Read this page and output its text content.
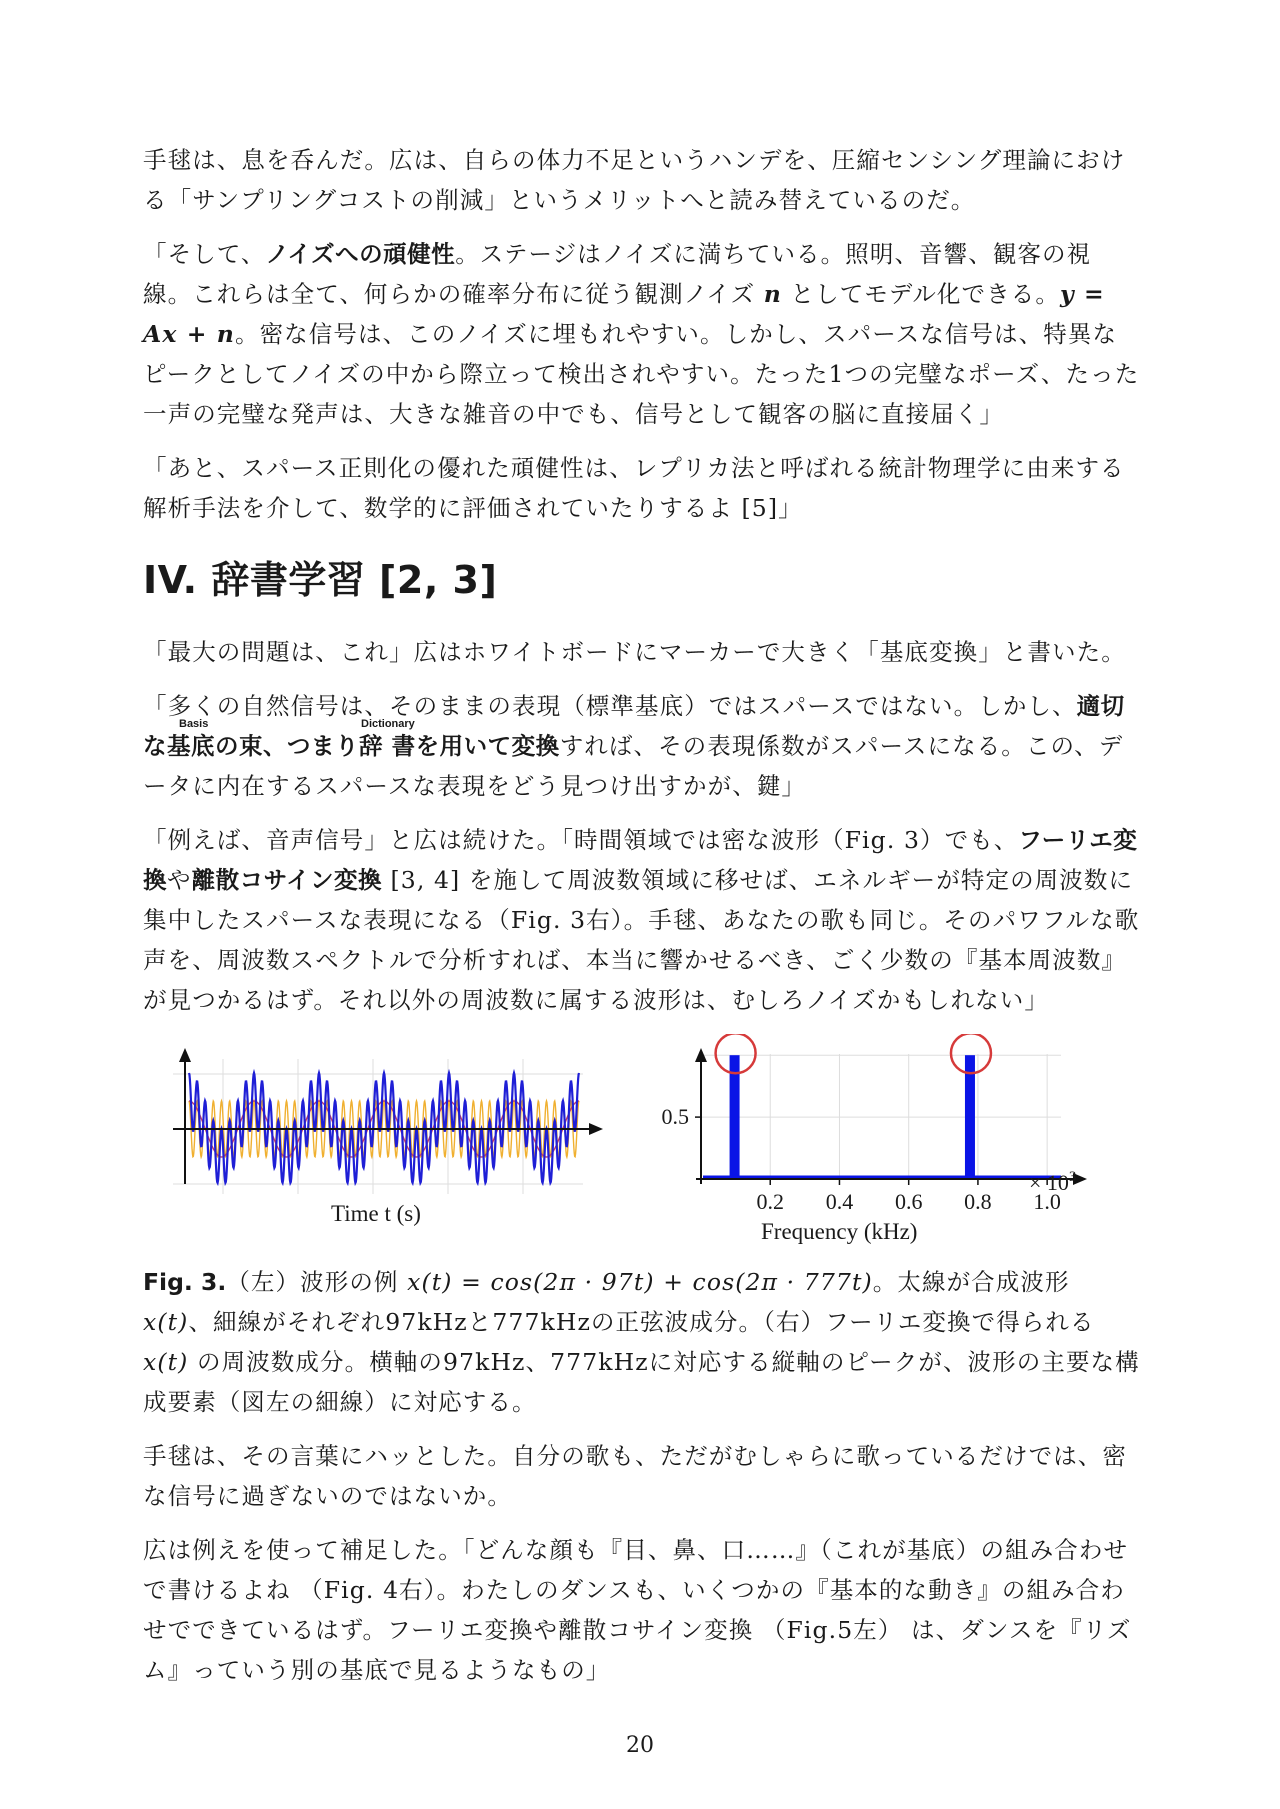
手毬は、息を呑んだ。広は、自らの体力不足というハンデを、圧縮センシング理論における「サンプリングコストの削減」というメリットへと読み替えているのだ。

「そして、ノイズへの頑健性。ステージはノイズに満ちている。照明、音響、観客の視線。これらは全て、何らかの確率分布に従う観測ノイズ n としてモデル化できる。y = Ax + n。密な信号は、このノイズに埋もれやすい。しかし、スパースな信号は、特異なピークとしてノイズの中から際立って検出されやすい。たった1つの完璧なポーズ、たった一声の完璧な発声は、大きな雑音の中でも、信号として観客の脳に直接届く」

「あと、スパース正則化の優れた頑健性は、レプリカ法と呼ばれる統計物理学に由来する解析手法を介して、数学的に評価されていたりするよ [5]」

IV. 辞書学習 [2, 3]

「最大の問題は、これ」広はホワイトボードにマーカーで大きく「基底変換」と書いた。

「多くの自然信号は、そのままの表現（標準基底）ではスパースではない。しかし、適切
Basis	Dictionary
な基底の束、つまり辞 書を用いて変換すれば、その表現係数がスパースになる。この、データに内在するスパースな表現をどう見つけ出すかが、鍵」

「例えば、音声信号」と広は続けた。「時間領域では密な波形（Fig. 3）でも、フーリエ変換や離散コサイン変換 [3, 4] を施して周波数領域に移せば、エネルギーが特定の周波数に集中したスパースな表現になる（Fig. 3右）。手毬、あなたの歌も同じ。そのパワフルな歌声を、周波数スペクトルで分析すれば、本当に響かせるべき、ごく少数の『基本周波数』が見つかるはず。それ以外の周波数に属する波形は、むしろノイズかもしれない」

Time t (s)	0.2 0.4 0.6 0.8 1.0
0.5
× $10^3$
Frequency (kHz)

Fig. 3.（左）波形の例 x(t) = cos(2π · 97t) + cos(2π · 777t)。太線が合成波形 x(t)、細線がそれぞれ97kHzと777kHzの正弦波成分。（右）フーリエ変換で得られる x(t) の周波数成分。横軸の97kHz、777kHzに対応する縦軸のピークが、波形の主要な構成要素（図左の細線）に対応する。

手毬は、その言葉にハッとした。自分の歌も、ただがむしゃらに歌っているだけでは、密な信号に過ぎないのではないか。

広は例えを使って補足した。「どんな顔も『目、鼻、口……』（これが基底）の組み合わせで書けるよね （Fig. 4右）。わたしのダンスも、いくつかの『基本的な動き』の組み合わせでできているはず。フーリエ変換や離散コサイン変換 （Fig.5左） は、ダンスを『リズム』っていう別の基底で見るようなもの」

20
